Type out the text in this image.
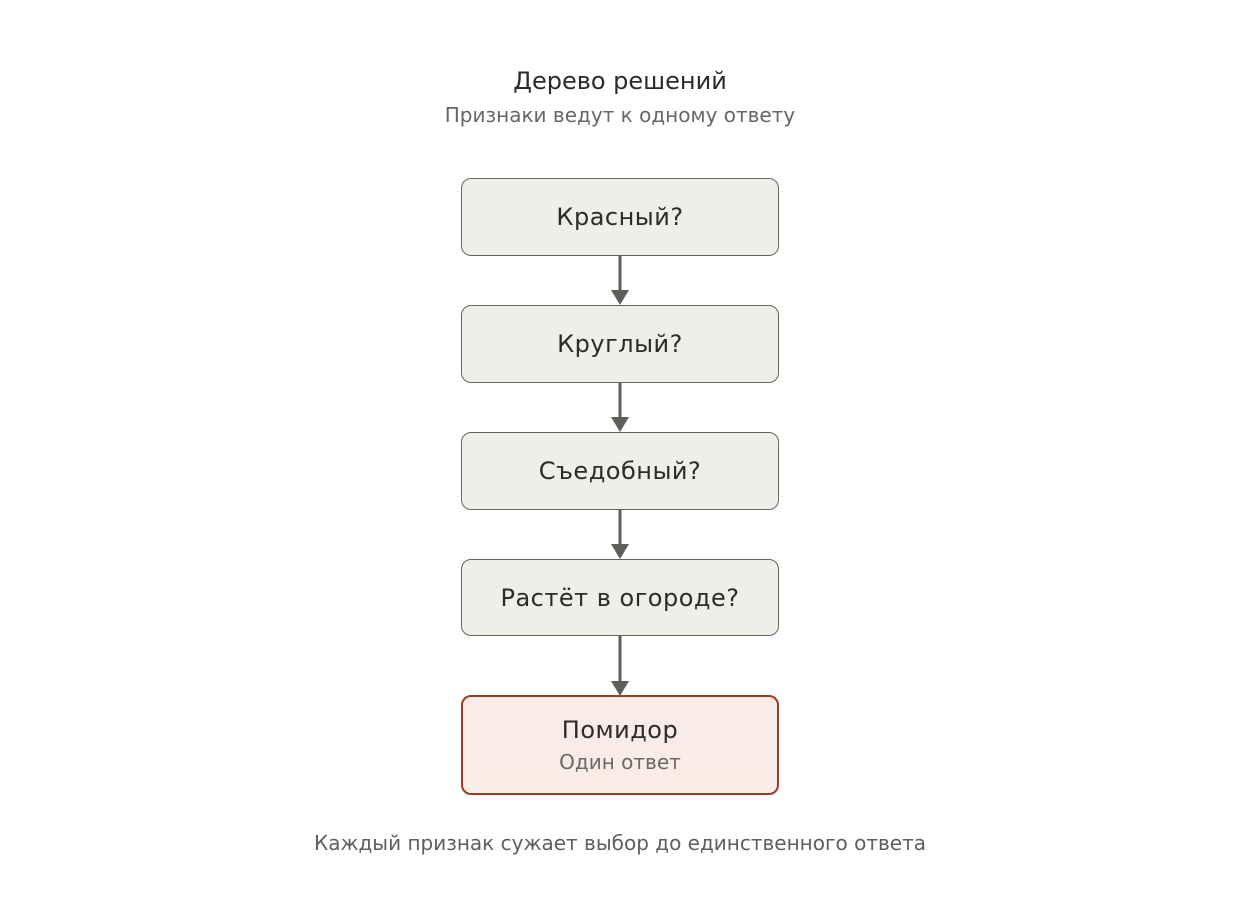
Дерево решений
Признаки ведут к одному ответу
Красный?
Круглый?
Съедобный?
Растёт в огороде?
Помидор
Один ответ
Каждый признак сужает выбор до единственного ответа
